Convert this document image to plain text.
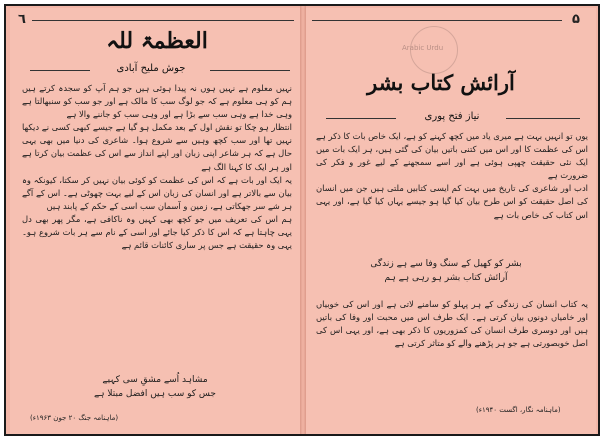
٦
العظمۃ للہ
جوش ملیح آبادی

نہیں معلوم ہے نہیں ہوں نہ پیدا ہوئی ہیں جو ہم آپ کو سجدہ کرتے ہیں ہم کو ہی معلوم ہے کہ جو لوگ سب کا مالک ہے اور جو سب کو سنبھالتا ہے وہی خدا ہے وہی سب سے بڑا ہے اور وہی سب کو جاننے والا ہے

انتظار ہو چکا تو نقش اول کے بعد مکمل ہو گیا ہے جیسے کبھی کسی نے دیکھا نہیں تھا اور سب کچھ وہیں سے شروع ہوا۔ شاعری کی دنیا میں بھی یہی حال ہے کہ ہر شاعر اپنی زبان اور اپنے انداز سے اس کی عظمت بیان کرتا ہے اور ہر ایک کا کہنا الگ ہے

یہ ایک اور بات ہے کہ اس کی عظمت کو کوئی بیان نہیں کر سکتا، کیونکہ وہ بیان سے بالاتر ہے اور انسان کی زبان اس کے لیے بہت چھوٹی ہے۔ اس کے آگے ہر شے سر جھکاتی ہے، زمین و آسمان سب اسی کے حکم کے پابند ہیں

ہم اس کی تعریف میں جو کچھ بھی کہیں وہ ناکافی ہے، مگر پھر بھی دل یہی چاہتا ہے کہ اس کا ذکر کیا جائے اور اسی کے نام سے ہر بات شروع ہو۔ یہی وہ حقیقت ہے جس پر ساری کائنات قائم ہے

مشاہد اُسے مشقِ سی کہیے
جس کو سب ہیں افضل مبتلا ہے
(ماہنامہ جنگ ۲۰ جون ۱۹۶۳ء)
۵
Arabic Urdu
آرائش کتاب بشر
نیاز فتح پوری

یوں تو انہیں بہت ہے میری یاد میں کچھ کہنے کو ہے، ایک خاص بات کا ذکر ہے اس کی عظمت کا اور اس میں کتنی باتیں بیان کی گئی ہیں، ہر ایک بات میں ایک نئی حقیقت چھپی ہوئی ہے اور اسے سمجھنے کے لیے غور و فکر کی ضرورت ہے

ادب اور شاعری کی تاریخ میں بہت کم ایسی کتابیں ملتی ہیں جن میں انسان کی اصل حقیقت کو اس طرح بیان کیا گیا ہو جیسے یہاں کیا گیا ہے، اور یہی اس کتاب کی خاص بات ہے

بشر کو کھیل کے سنگ وفا سے ہے زندگی
آرائش کتاب بشر ہو رہی ہے ہم

یہ کتاب انسان کی زندگی کے ہر پہلو کو سامنے لاتی ہے اور اس کی خوبیاں اور خامیاں دونوں بیان کرتی ہے۔ ایک طرف اس میں محبت اور وفا کی باتیں ہیں اور دوسری طرف انسان کی کمزوریوں کا ذکر بھی ہے، اور یہی اس کی اصل خوبصورتی ہے جو ہر پڑھنے والے کو متاثر کرتی ہے

(ماہنامہ نگار، اگست ۱۹۴۰ء)
